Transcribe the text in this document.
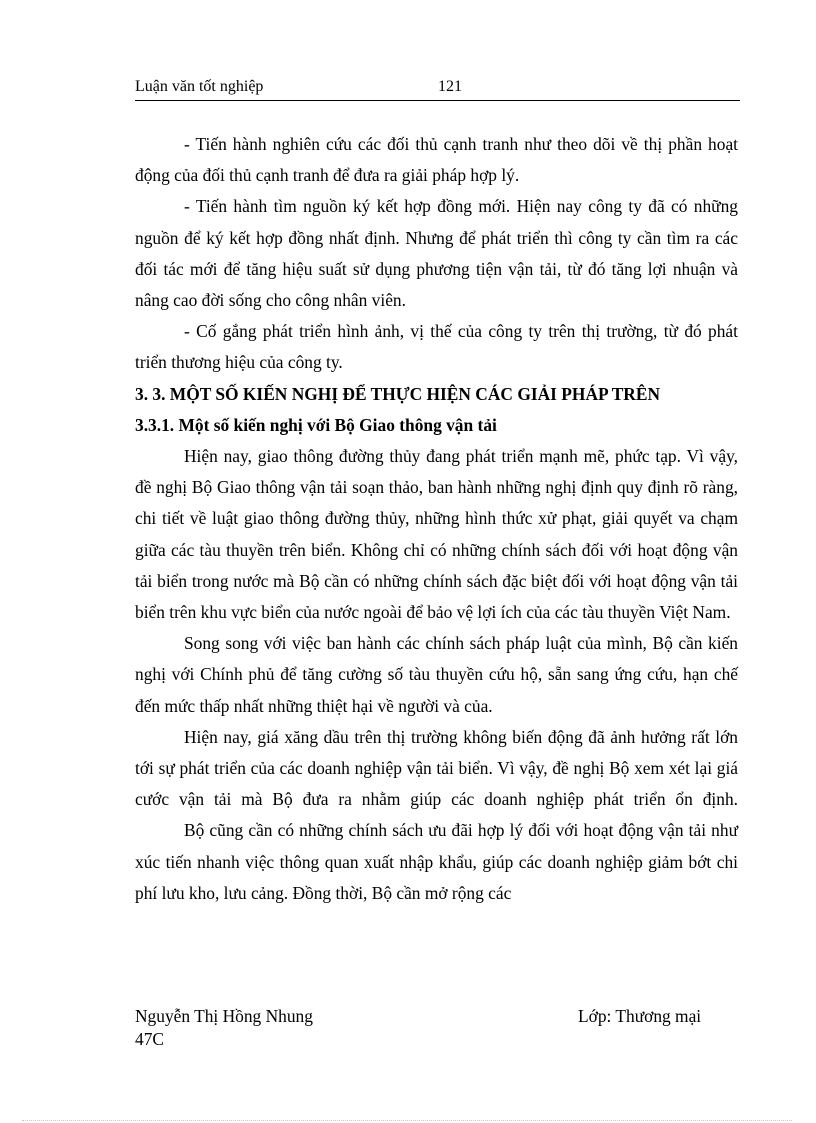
Luận văn tốt nghiệp	121

- Tiến hành nghiên cứu các đối thủ cạnh tranh như theo dõi về thị phần hoạt động của đối thủ cạnh tranh để đưa ra giải pháp hợp lý.

- Tiến hành tìm nguồn ký kết hợp đồng mới. Hiện nay công ty đã có những nguồn để ký kết hợp đồng nhất định. Nhưng để phát triển thì công ty cần tìm ra các đối tác mới để tăng hiệu suất sử dụng phương tiện vận tải, từ đó tăng lợi nhuận và nâng cao đời sống cho công nhân viên.

- Cố gắng phát triển hình ảnh, vị thế của công ty trên thị trường, từ đó phát triển thương hiệu của công ty.

3. 3. MỘT SỐ KIẾN NGHỊ ĐỂ THỰC HIỆN CÁC GIẢI PHÁP TRÊN

3.3.1. Một số kiến nghị với Bộ Giao thông vận tải

Hiện nay, giao thông đường thủy đang phát triển mạnh mẽ, phức tạp. Vì vậy, đề nghị Bộ Giao thông vận tải soạn thảo, ban hành những nghị định quy định rõ ràng, chi tiết về luật giao thông đường thủy, những hình thức xử phạt, giải quyết va chạm giữa các tàu thuyền trên biển. Không chỉ có những chính sách đối với hoạt động vận tải biển trong nước mà Bộ cần có những chính sách đặc biệt đối với hoạt động vận tải biển trên khu vực biển của nước ngoài để bảo vệ lợi ích của các tàu thuyền Việt Nam.

Song song với việc ban hành các chính sách pháp luật của mình, Bộ cần kiến nghị với Chính phủ để tăng cường số tàu thuyền cứu hộ, sẵn sang ứng cứu, hạn chế đến mức thấp nhất những thiệt hại về người và của.

Hiện nay, giá xăng dầu trên thị trường không biến động đã ảnh hưởng rất lớn tới sự phát triển của các doanh nghiệp vận tải biển. Vì vậy, đề nghị Bộ xem xét lại giá cước vận tải mà Bộ đưa ra nhằm giúp các doanh nghiệp phát triển ổn định.

Bộ cũng cần có những chính sách ưu đãi hợp lý đối với hoạt động vận tải như xúc tiến nhanh việc thông quan xuất nhập khẩu, giúp các doanh nghiệp giảm bớt chi phí lưu kho, lưu cảng. Đồng thời, Bộ cần mở rộng các

Nguyễn Thị Hồng Nhung	Lớp: Thương mại
47C
